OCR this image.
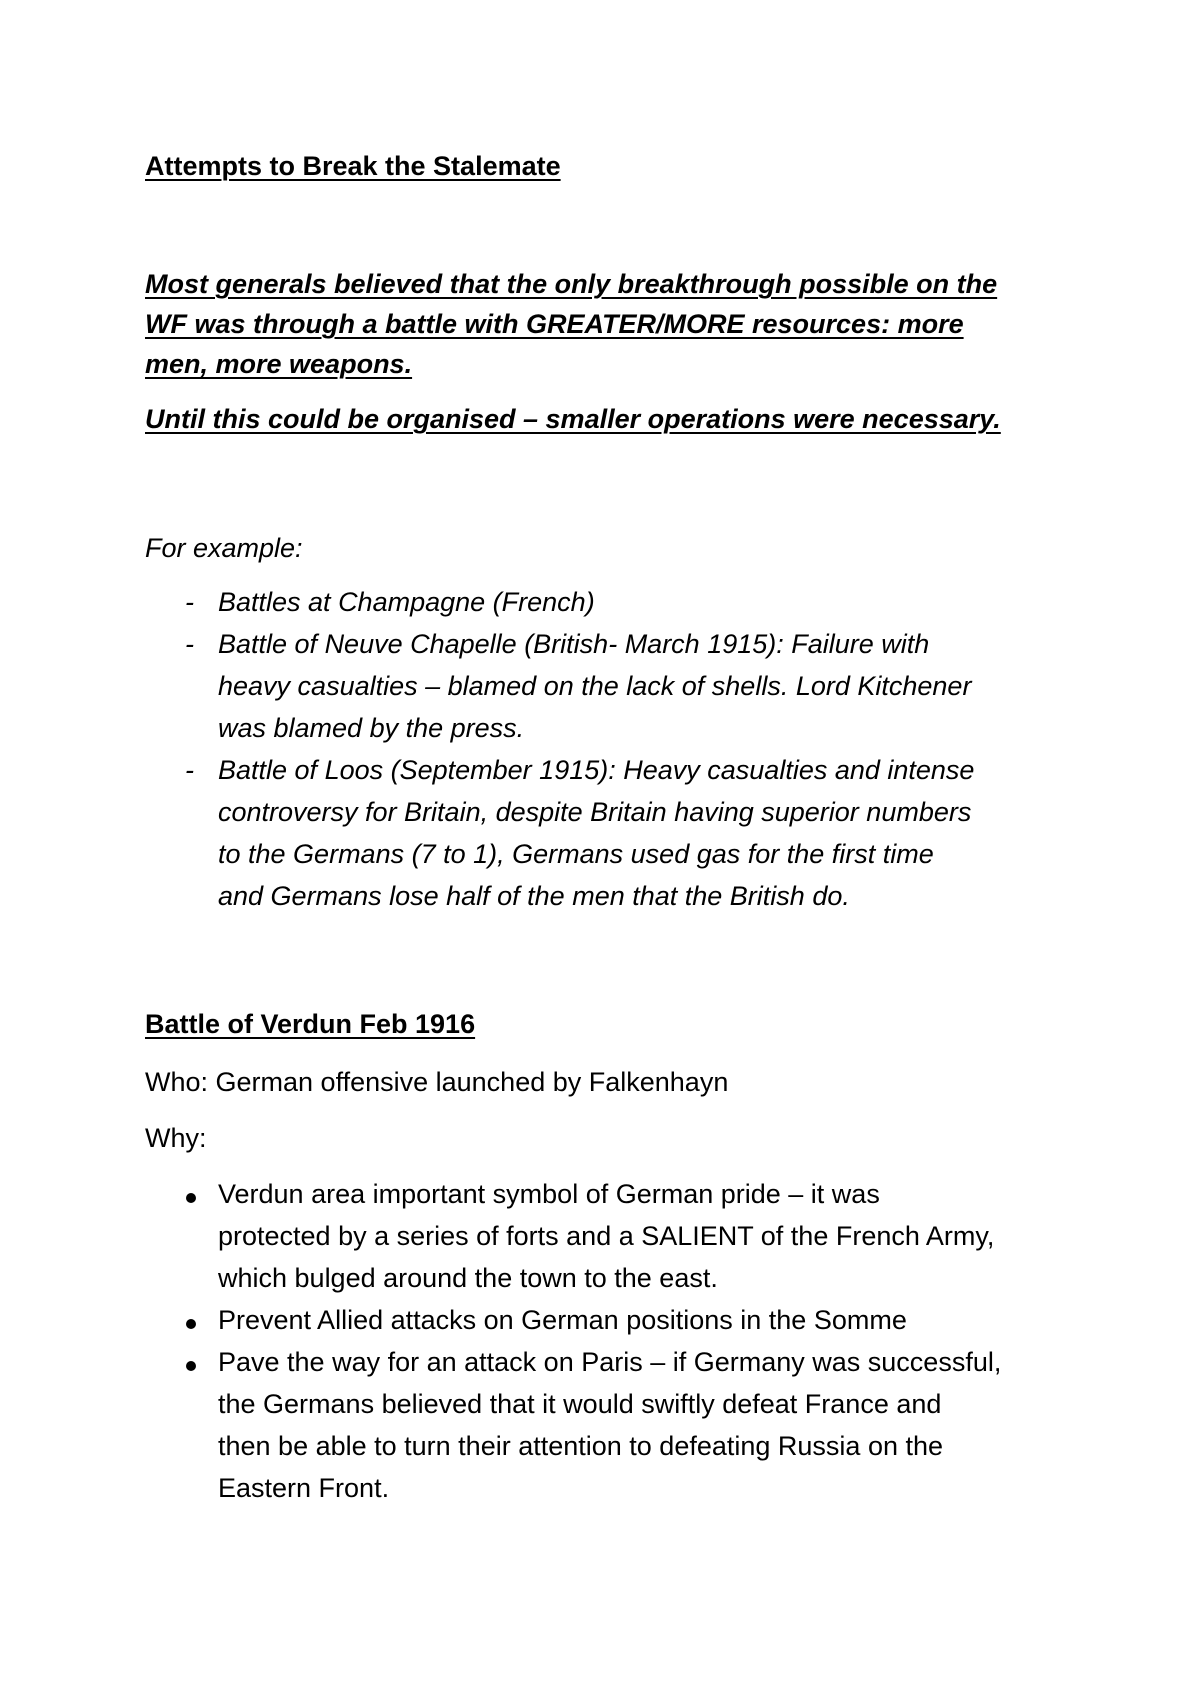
Attempts to Break the Stalemate

Most generals believed that the only breakthrough possible on the

WF was through a battle with GREATER/MORE resources: more

men, more weapons.

Until this could be organised – smaller operations were necessary.

For example:

- Battles at Champagne (French)

- Battle of Neuve Chapelle (British- March 1915): Failure with

heavy casualties – blamed on the lack of shells. Lord Kitchener

was blamed by the press.

- Battle of Loos (September 1915): Heavy casualties and intense

controversy for Britain, despite Britain having superior numbers

to the Germans (7 to 1), Germans used gas for the first time

and Germans lose half of the men that the British do.

Battle of Verdun Feb 1916

Who: German offensive launched by Falkenhayn

Why:

Verdun area important symbol of German pride – it was

protected by a series of forts and a SALIENT of the French Army,

which bulged around the town to the east.

Prevent Allied attacks on German positions in the Somme

Pave the way for an attack on Paris – if Germany was successful,

the Germans believed that it would swiftly defeat France and

then be able to turn their attention to defeating Russia on the

Eastern Front.
